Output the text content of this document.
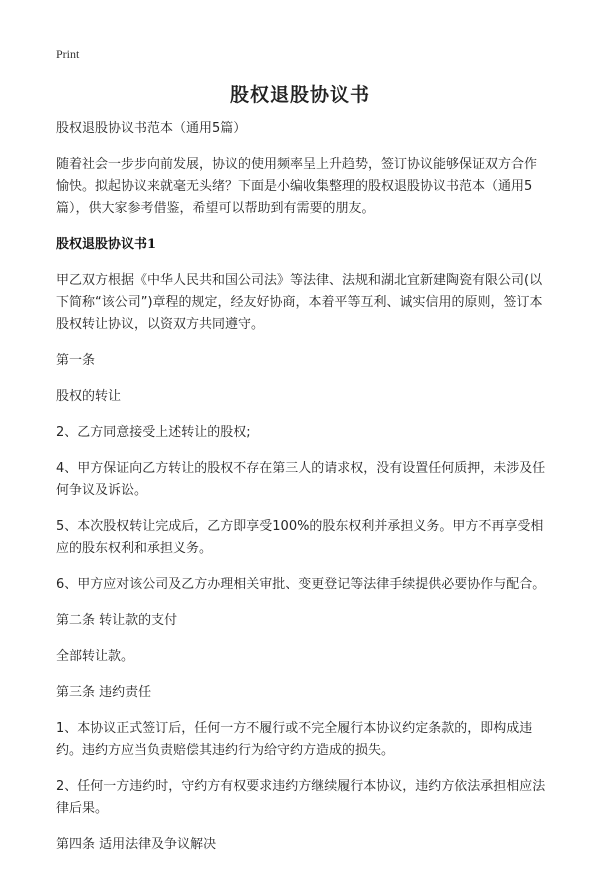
Print
股权退股协议书

股权退股协议书范本（通用5篇）

随着社会一步步向前发展，协议的使用频率呈上升趋势，签订协议能够保证双方合作愉快。拟起协议来就毫无头绪？下面是小编收集整理的股权退股协议书范本（通用5篇），供大家参考借鉴，希望可以帮助到有需要的朋友。

股权退股协议书1

甲乙双方根据《中华人民共和国公司法》等法律、法规和湖北宜新建陶瓷有限公司(以下简称“该公司”)章程的规定，经友好协商，本着平等互利、诚实信用的原则，签订本股权转让协议，以资双方共同遵守。

第一条

股权的转让

2、乙方同意接受上述转让的股权;

4、甲方保证向乙方转让的股权不存在第三人的请求权，没有设置任何质押，未涉及任何争议及诉讼。

5、本次股权转让完成后，乙方即享受100%的股东权利并承担义务。甲方不再享受相应的股东权利和承担义务。

6、甲方应对该公司及乙方办理相关审批、变更登记等法律手续提供必要协作与配合。

第二条 转让款的支付

全部转让款。

第三条 违约责任

1、本协议正式签订后，任何一方不履行或不完全履行本协议约定条款的，即构成违约。违约方应当负责赔偿其违约行为给守约方造成的损失。

2、任何一方违约时，守约方有权要求违约方继续履行本协议，违约方依法承担相应法律后果。

第四条 适用法律及争议解决
